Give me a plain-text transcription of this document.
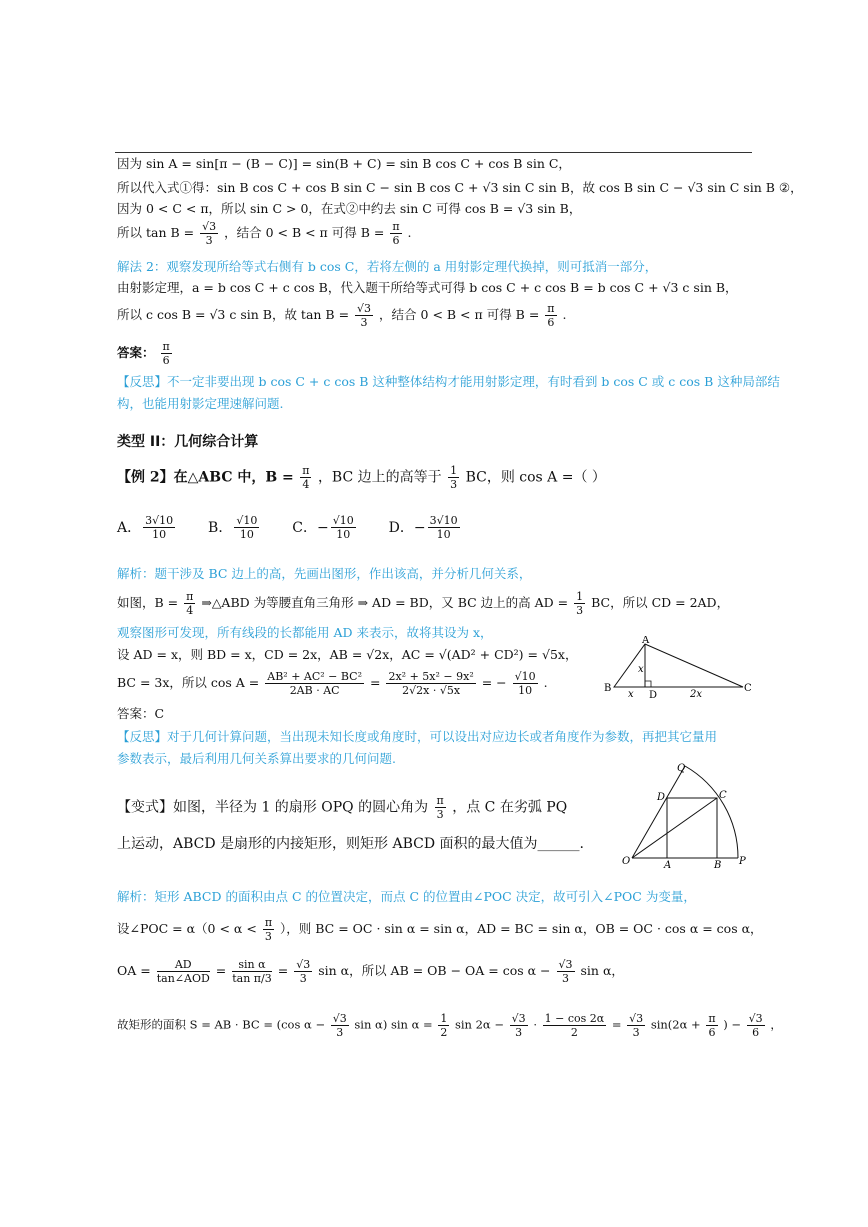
因为 sin A = sin[π − (B − C)] = sin(B + C) = sin B cos C + cos B sin C，
所以代入式①得：sin B cos C + cos B sin C − sin B cos C + √3 sin C sin B，故 cos B sin C − √3 sin C sin B ②，
因为 0 < C < π，所以 sin C > 0，在式②中约去 sin C 可得 cos B = √3 sin B，
所以 $\tan B = \frac{√3}{3}$ ，结合 0 < B < π 可得 $B = \frac{\pi}{6}$ .
解法 2：观察发现所给等式右侧有 b cos C，若将左侧的 a 用射影定理代换掉，则可抵消一部分，
由射影定理，a = b cos C + c cos B，代入题干所给等式可得 b cos C + c cos B = b cos C + √3 c sin B，
所以 c cos B = √3 c sin B，故 $\tan B = \frac{√3}{3}$ ，结合 0 < B < π 可得 $B = \frac{\pi}{6}$ .
答案： $\frac{\pi}{6}$
【反思】不一定非要出现 b cos C + c cos B 这种整体结构才能用射影定理，有时看到 b cos C 或 c cos B 这种局部结
构，也能用射影定理速解问题.
类型 II：几何综合计算
【例 2】在△ABC 中，$B = \frac{\pi}{4}$ ，BC 边上的高等于 $\frac{1}{3}$ BC，则 cos A =（ ）
A． $\frac{3√10}{10}$ B． $\frac{√10}{10}$ C．− $\frac{√10}{10}$ D．− $\frac{3√10}{10}$
解析：题干涉及 BC 边上的高，先画出图形，作出该高，并分析几何关系，
如图，$B = \frac{\pi}{4}$ ⇒△ABD 为等腰直角三角形 ⇒ AD = BD，又 BC 边上的高 AD = $\frac{1}{3}$ BC，所以 CD = 2AD，
观察图形可发现，所有线段的长都能用 AD 来表示，故将其设为 x，
设 AD = x，则 BD = x，CD = 2x，AB = √2x，AC = √(AD² + CD²) = √5x，
BC = 3x，所以 $\cos A = \frac{\text{AB² + AC² − BC²}}{2AB \cdot AC} = \frac{\text{2x² + 5x² − 9x²}}{2√2x \cdot √5x}$ = − $\frac{√10}{10}$ .
A
B	C
D
x
x	2x
答案：C
【反思】对于几何计算问题，当出现未知长度或角度时，可以设出对应边长或者角度作为参数，再把其它量用
参数表示，最后利用几何关系算出要求的几何问题.
【变式】如图，半径为 1 的扇形 OPQ 的圆心角为 $\frac{\pi}{3}$ ，点 C 在劣弧 PQ
上运动，ABCD 是扇形的内接矩形，则矩形 ABCD 面积的最大值为______.
O	P
Q
A	B
C
D
解析：矩形 ABCD 的面积由点 C 的位置决定，而点 C 的位置由∠POC 决定，故可引入∠POC 为变量，
设∠POC = $\alpha(0 < \alpha < \frac{\pi}{3}$ ），则 BC = OC · sin α = sin α，AD = BC = sin α，OB = OC · cos α = cos α，
OA = $\frac{AD}{\text{tan∠AOD}} = \frac{\text{sin α}}{\text{tan π/3}} = \frac{√3}{3}$ sin α，所以 AB = OB − OA = $\cos \alpha - \frac{√3}{3}$ sin α，
故矩形的面积 S = AB · BC = (cos $\alpha - \frac{√3}{3}$ sin α) $\sin \alpha = \frac{1}{2}$ $\sin 2\alpha - \frac{√3}{3} \cdot \frac{1 - \cos 2\alpha}{2} = \frac{√3}{3} \sin(2\alpha + \frac{\pi}{6}$ ) − $\frac{√3}{6}$ ，
